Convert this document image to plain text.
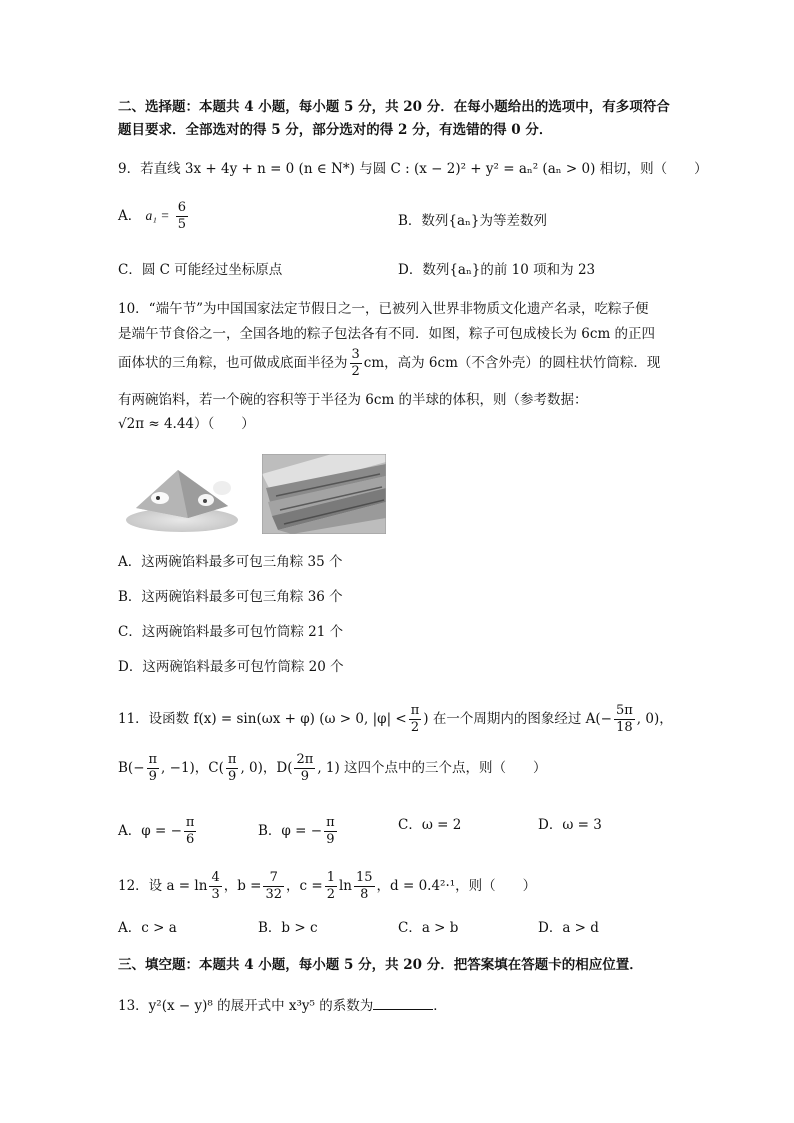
二、选择题：本题共 4 小题，每小题 5 分，共 20 分．在每小题给出的选项中，有多项符合
题目要求．全部选对的得 5 分，部分选对的得 2 分，有选错的得 0 分．
9．若直线 3x + 4y + n = 0 (n ∈ N*) 与圆 C : (x − 2)² + y² = aₙ² (aₙ > 0) 相切，则（　　）
A． $a_1 = \frac{6}{5}$	B．数列{aₙ}为等差数列
C．圆 C 可能经过坐标原点	D．数列{aₙ}的前 10 项和为 23
10．“端午节”为中国国家法定节假日之一，已被列入世界非物质文化遗产名录，吃粽子便
是端午节食俗之一，全国各地的粽子包法各有不同．如图，粽子可包成棱长为 6cm 的正四
面体状的三角粽，也可做成底面半径为 $\frac{3}{2}$ cm，高为 6cm（不含外壳）的圆柱状竹筒粽．现
有两碗馅料，若一个碗的容积等于半径为 6cm 的半球的体积，则（参考数据：
√2π ≈ 4.44）（　　）
A．这两碗馅料最多可包三角粽 35 个
B．这两碗馅料最多可包三角粽 36 个
C．这两碗馅料最多可包竹筒粽 21 个
D．这两碗馅料最多可包竹筒粽 20 个
11．设函数 f(x) = sin(ωx + φ) (ω > 0, $|\varphi| < \frac{\pi}{2}$ ) 在一个周期内的图象经过 $A(- \frac{5\pi}{18}$ , 0)，
$B(- \frac{\pi}{9}$ , −1)，$C( \frac{\pi}{9}$ , 0)，$D( \frac{2\pi}{9}$ , 1) 这四个点中的三个点，则（　　）
A．φ = − $\frac{\pi}{6}$	B．φ = − $\frac{\pi}{9}$	C．ω = 2	D．ω = 3
12．设 $a = \ln \frac{4}{3}$ ，$b = \frac{7}{32}$ ，$c = \frac{1}{2}$ $\ln \frac{15}{8}$ ，d = 0.4²·¹，则（　　）
A．c > a	B．b > c	C．a > b	D．a > d
三、填空题：本题共 4 小题，每小题 5 分，共 20 分．把答案填在答题卡的相应位置．
13．y²(x − y)⁸ 的展开式中 x³y⁵ 的系数为	．
